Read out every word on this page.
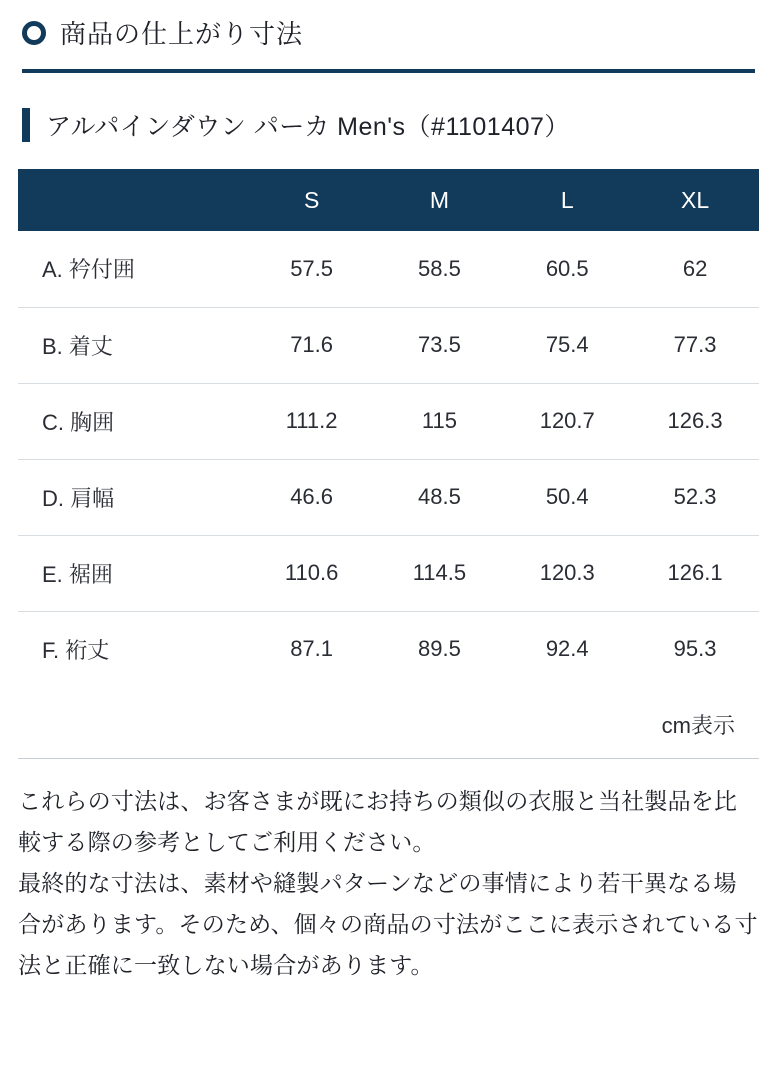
商品の仕上がり寸法
アルパインダウン パーカ Men's（#1101407）
	S	M	L	XL
A. 衿付囲	57.5	58.5	60.5	62
B. 着丈	71.6	73.5	75.4	77.3
C. 胸囲	111.2	115	120.7	126.3
D. 肩幅	46.6	48.5	50.4	52.3
E. 裾囲	110.6	114.5	120.3	126.1
F. 裄丈	87.1	89.5	92.4	95.3
cm表示

これらの寸法は、お客さまが既にお持ちの類似の衣服と当社製品を比較する際の参考としてご利用ください。

最終的な寸法は、素材や縫製パターンなどの事情により若干異なる場合があります。そのため、個々の商品の寸法がここに表示されている寸法と正確に一致しない場合があります。
